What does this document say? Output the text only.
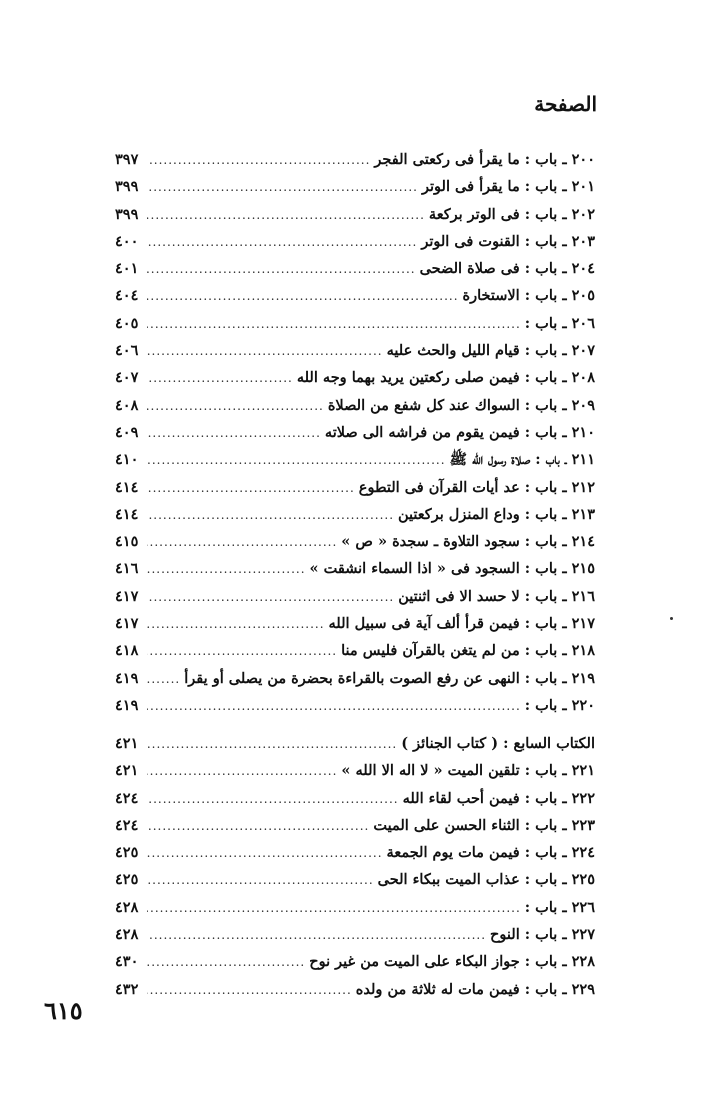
الصفحة
٢٠٠ ـ باب : ما يقرأ فى ركعتى الفجر
.....
٣٩٧
٢٠١ ـ باب : ما يقرأ فى الوتر
.....
٣٩٩
٢٠٢ ـ باب : فى الوتر بركعة
.....
٣٩٩
٢٠٣ ـ باب : القنوت فى الوتر
.....
٤٠٠
٢٠٤ ـ باب : فى صلاة الضحى
.....
٤٠١
٢٠٥ ـ باب : الاستخارة
.....
٤٠٤
٢٠٦ ـ باب :
.....
٤٠٥
٢٠٧ ـ باب : قيام الليل والحث عليه
.....
٤٠٦
٢٠٨ ـ باب : فيمن صلى ركعتين يريد بهما وجه الله
.....
٤٠٧
٢٠٩ ـ باب : السواك عند كل شفع من الصلاة
.....
٤٠٨
٢١٠ ـ باب : فيمن يقوم من فراشه الى صلاته
.....
٤٠٩
٢١١ ـ باب : صلاة رسول الله ﷺ
.....
٤١٠
٢١٢ ـ باب : عد أيات القرآن فى التطوع
.....
٤١٤
٢١٣ ـ باب : وداع المنزل بركعتين
.....
٤١٤
٢١٤ ـ باب : سجود التلاوة ـ سجدة « ص »
.....
٤١٥
٢١٥ ـ باب : السجود فى « اذا السماء انشقت »
.....
٤١٦
٢١٦ ـ باب : لا حسد الا فى اثنتين
.....
٤١٧
٢١٧ ـ باب : فيمن قرأ ألف آية فى سبيل الله
.....
٤١٧
٢١٨ ـ باب : من لم يتغن بالقرآن فليس منا
.....
٤١٨
٢١٩ ـ باب : النهى عن رفع الصوت بالقراءة بحضرة من يصلى أو يقرأ
.....
٤١٩
٢٢٠ ـ باب :
.....
٤١٩
الكتاب السابع : ( كتاب الجنائز )
.....
٤٢١
٢٢١ ـ باب : تلقين الميت « لا اله الا الله »
.....
٤٢١
٢٢٢ ـ باب : فيمن أحب لقاء الله
.....
٤٢٤
٢٢٣ ـ باب : الثناء الحسن على الميت
.....
٤٢٤
٢٢٤ ـ باب : فيمن مات يوم الجمعة
.....
٤٢٥
٢٢٥ ـ باب : عذاب الميت ببكاء الحى
.....
٤٢٥
٢٢٦ ـ باب :
.....
٤٢٨
٢٢٧ ـ باب : النوح
.....
٤٢٨
٢٢٨ ـ باب : جواز البكاء على الميت من غير نوح
.....
٤٣٠
٢٢٩ ـ باب : فيمن مات له ثلاثة من ولده
.....
٤٣٢
٦١٥
